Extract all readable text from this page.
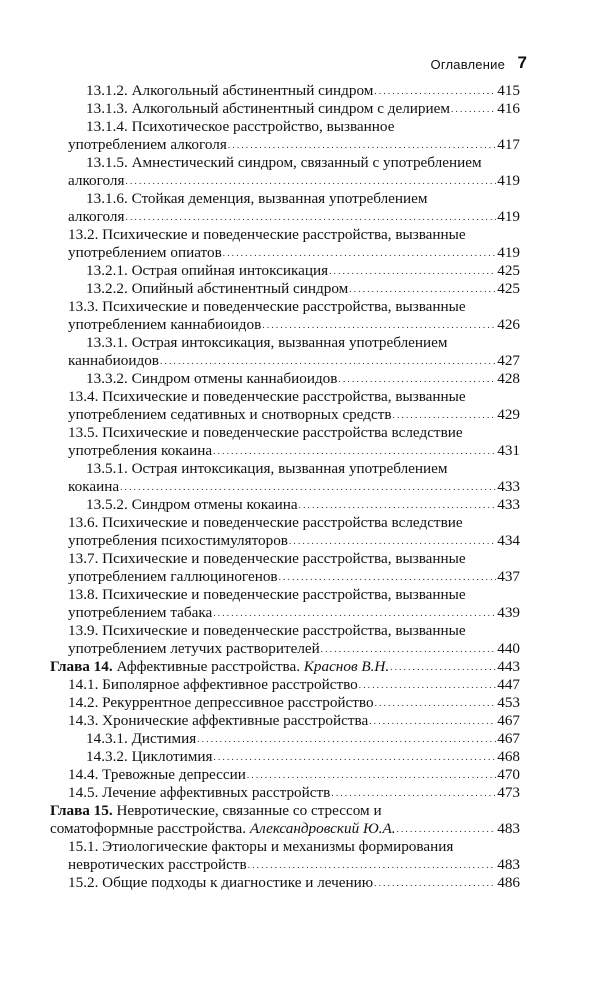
Оглавление 7
13.1.2. Алкогольный абстинентный синдром . . .	415
13.1.3. Алкогольный абстинентный синдром с делирием . . .	416
13.1.4. Психотическое расстройство, вызванное
употреблением алкоголя . . .	417
13.1.5. Амнестический синдром, связанный с употреблением
алкоголя . . .	419
13.1.6. Стойкая деменция, вызванная употреблением
алкоголя . . .	419
13.2. Психические и поведенческие расстройства, вызванные
употреблением опиатов . . .	419
13.2.1. Острая опийная интоксикация . . .	425
13.2.2. Опийный абстинентный синдром . . .	425
13.3. Психические и поведенческие расстройства, вызванные
употреблением каннабиоидов . . .	426
13.3.1. Острая интоксикация, вызванная употреблением
каннабиоидов . . .	427
13.3.2. Синдром отмены каннабиоидов . . .	428
13.4. Психические и поведенческие расстройства, вызванные
употреблением седативных и снотворных средств . . .	429
13.5. Психические и поведенческие расстройства вследствие
употребления кокаина . . .	431
13.5.1. Острая интоксикация, вызванная употреблением
кокаина . . .	433
13.5.2. Синдром отмены кокаина . . .	433
13.6. Психические и поведенческие расстройства вследствие
употребления психостимуляторов . . .	434
13.7. Психические и поведенческие расстройства, вызванные
употреблением галлюциногенов . . .	437
13.8. Психические и поведенческие расстройства, вызванные
употреблением табака . . .	439
13.9. Психические и поведенческие расстройства, вызванные
употреблением летучих растворителей . . .	440
Глава 14.
Аффективные расстройства.
Краснов В.Н. . . .	443
14.1. Биполярное аффективное расстройство . . .	447
14.2. Рекуррентное депрессивное расстройство . . .	453
14.3. Хронические аффективные расстройства . . .	467
14.3.1. Дистимия . . .	467
14.3.2. Циклотимия . . .	468
14.4. Тревожные депрессии . . .	470
14.5. Лечение аффективных расстройств . . .	473
Глава 15. Невротические, связанные со стрессом и
соматоформные расстройства.
Александровский Ю.А. . . .	483
15.1. Этиологические факторы и механизмы формирования
невротических расстройств . . .	483
15.2. Общие подходы к диагностике и лечению . . .	486
